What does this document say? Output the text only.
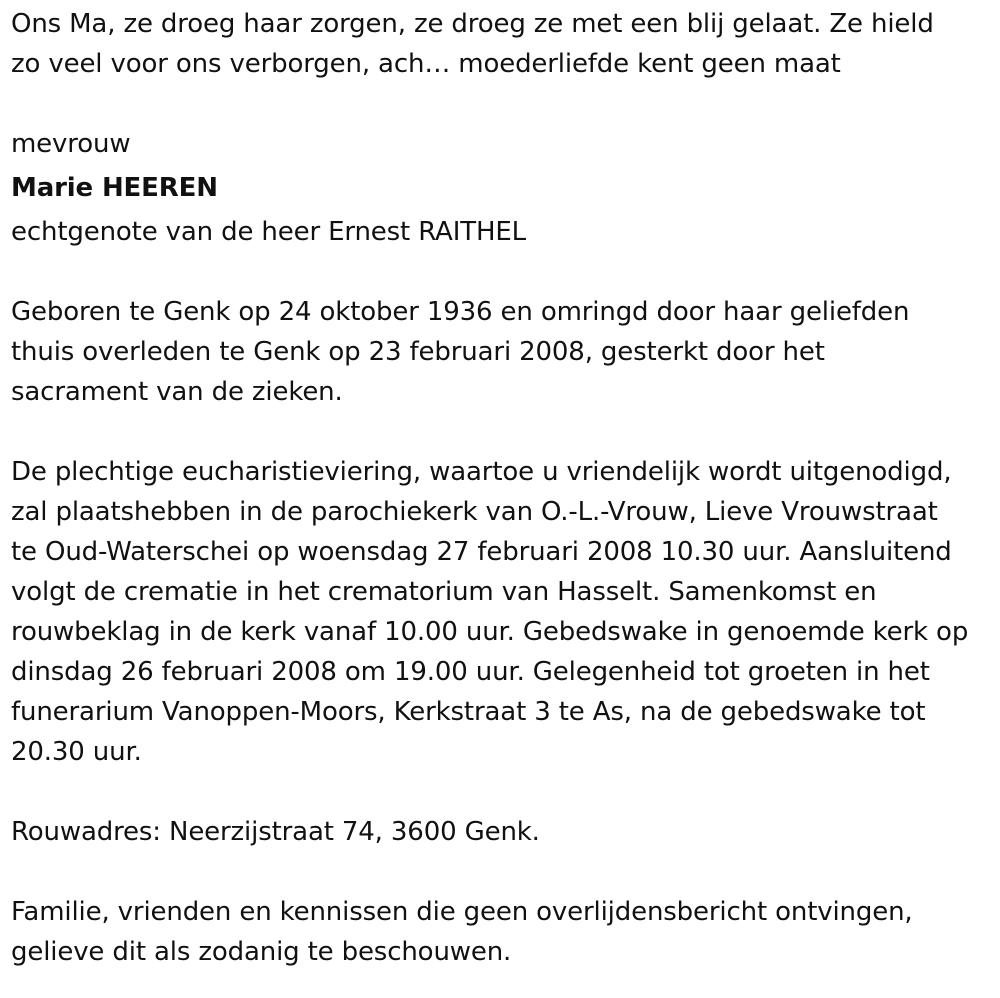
Ons Ma, ze droeg haar zorgen, ze droeg ze met een blij gelaat. Ze hield

zo veel voor ons verborgen, ach… moederliefde kent geen maat

mevrouw

Marie HEEREN

echtgenote van de heer Ernest RAITHEL

Geboren te Genk op 24 oktober 1936 en omringd door haar geliefden

thuis overleden te Genk op 23 februari 2008, gesterkt door het

sacrament van de zieken.

De plechtige eucharistieviering, waartoe u vriendelijk wordt uitgenodigd,

zal plaatshebben in de parochiekerk van O.-L.-Vrouw, Lieve Vrouwstraat

te Oud-Waterschei op woensdag 27 februari 2008 10.30 uur. Aansluitend

volgt de crematie in het crematorium van Hasselt. Samenkomst en

rouwbeklag in de kerk vanaf 10.00 uur. Gebedswake in genoemde kerk op

dinsdag 26 februari 2008 om 19.00 uur. Gelegenheid tot groeten in het

funerarium Vanoppen-Moors, Kerkstraat 3 te As, na de gebedswake tot

20.30 uur.

Rouwadres: Neerzijstraat 74, 3600 Genk.

Familie, vrienden en kennissen die geen overlijdensbericht ontvingen,

gelieve dit als zodanig te beschouwen.
